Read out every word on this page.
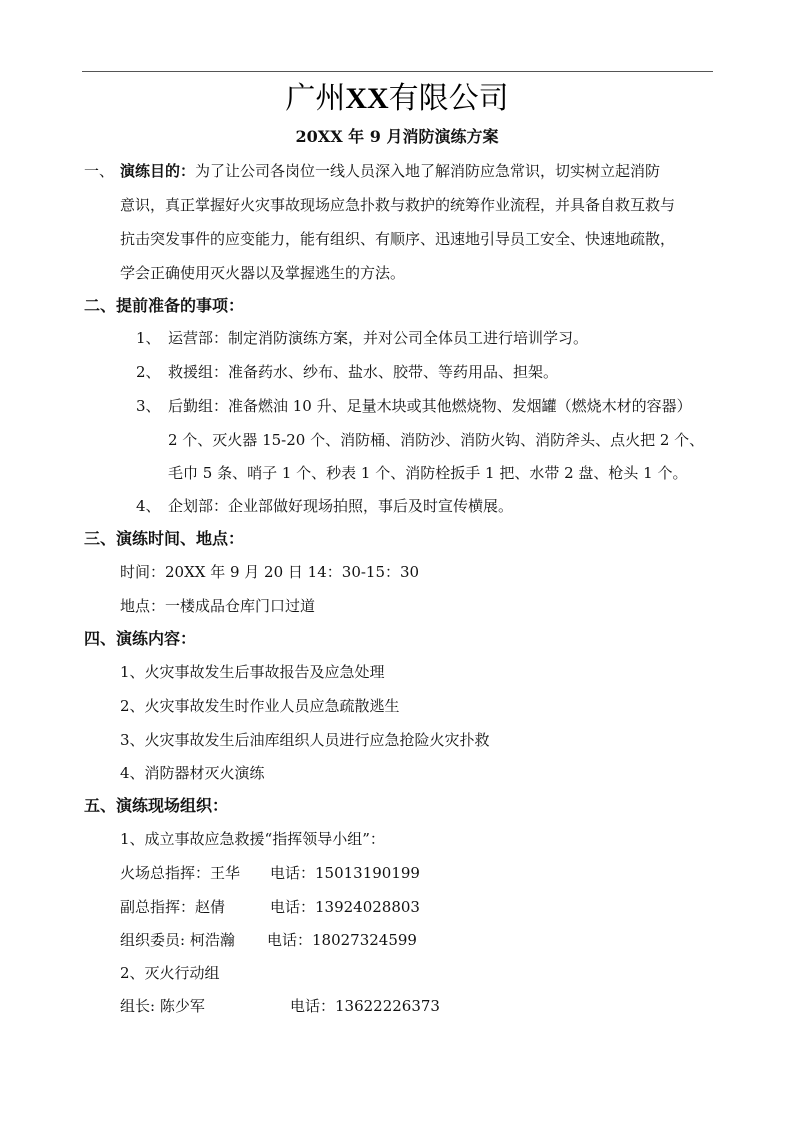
广州XX有限公司
20XX 年 9 月消防演练方案
一、 演练目的：为了让公司各岗位一线人员深入地了解消防应急常识，切实树立起消防
意识，真正掌握好火灾事故现场应急扑救与救护的统筹作业流程，并具备自救互救与
抗击突发事件的应变能力，能有组织、有顺序、迅速地引导员工安全、快速地疏散，
学会正确使用灭火器以及掌握逃生的方法。
二、提前准备的事项：
1、 运营部：制定消防演练方案，并对公司全体员工进行培训学习。
2、 救援组：准备药水、纱布、盐水、胶带、等药用品、担架。
3、 后勤组：准备燃油 10 升、足量木块或其他燃烧物、发烟罐（燃烧木材的容器）
2 个、灭火器 15-20 个、消防桶、消防沙、消防火钩、消防斧头、点火把 2 个、
毛巾 5 条、哨子 1 个、秒表 1 个、消防栓扳手 1 把、水带 2 盘、枪头 1 个。
4、 企划部：企业部做好现场拍照，事后及时宣传横展。
三、演练时间、地点：
时间：20XX 年 9 月 20 日 14：30-15：30
地点：一楼成品仓库门口过道
四、演练内容：
1、火灾事故发生后事故报告及应急处理
2、火灾事故发生时作业人员应急疏散逃生
3、火灾事故发生后油库组织人员进行应急抢险火灾扑救
4、消防器材灭火演练
五、演练现场组织：
1、成立事故应急救援“指挥领导小组”：
火场总指挥：王华 电话：15013190199
副总指挥：赵倩	电话：13924028803
组织委员: 柯浩瀚 电话：18027324599
2、灭火行动组
组长: 陈少军	电话：13622226373
